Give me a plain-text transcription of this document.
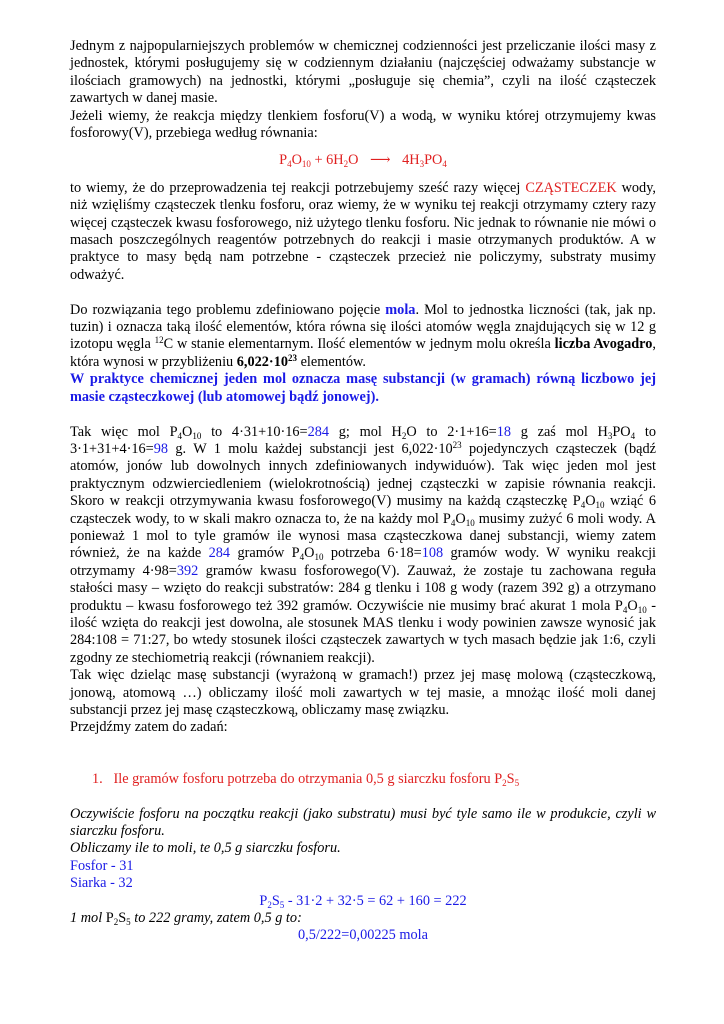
Jednym z najpopularniejszych problemów w chemicznej codzienności jest przeliczanie ilości masy z jednostek, którymi posługujemy się w codziennym działaniu (najczęściej odważamy substancje w ilościach gramowych) na jednostki, którymi „posługuje się chemia”, czyli na ilość cząsteczek zawartych w danej masie.

Jeżeli wiemy, że reakcja między tlenkiem fosforu(V) a wodą, w wyniku której otrzymujemy kwas fosforowy(V), przebiega według równania:

$P_4O_{10} + 6H_2O$ ⟶ $4H_3PO_4$

to wiemy, że do przeprowadzenia tej reakcji potrzebujemy sześć razy więcej CZĄSTECZEK wody, niż wzięliśmy cząsteczek tlenku fosforu, oraz wiemy, że w wyniku tej reakcji otrzymamy cztery razy więcej cząsteczek kwasu fosforowego, niż użytego tlenku fosforu. Nic jednak to równanie nie mówi o masach poszczególnych reagentów potrzebnych do reakcji i masie otrzymanych produktów. A w praktyce to masy będą nam potrzebne - cząsteczek przecież nie policzymy, substraty musimy odważyć.

Do rozwiązania tego problemu zdefiniowano pojęcie mola. Mol to jednostka liczności (tak, jak np. tuzin) i oznacza taką ilość elementów, która równa się ilości atomów węgla znajdujących się w 12 g izotopu węgla $^{12}$C w stanie elementarnym. Ilość elementów w jednym molu określa liczba Avogadro, która wynosi w przybliżeniu $6,022\cdot 10^{23}$ elementów.

W praktyce chemicznej jeden mol oznacza masę substancji (w gramach) równą liczbowo jej masie cząsteczkowej (lub atomowej bądź jonowej).

Tak więc mol $P_4O_{10}$ to 4·31+10·16=284 g; mol $H_2O$ to 2·1+16=18 g zaś mol $H_3PO_4$ to 3·1+31+4·16=98 g. W 1 molu każdej substancji jest $6,022\cdot 10^{23}$ pojedynczych cząsteczek (bądź atomów, jonów lub dowolnych innych zdefiniowanych indywiduów). Tak więc jeden mol jest praktycznym odzwierciedleniem (wielokrotnością) jednej cząsteczki w zapisie równania reakcji. Skoro w reakcji otrzymywania kwasu fosforowego(V) musimy na każdą cząsteczkę $P_4O_{10}$ wziąć 6 cząsteczek wody, to w skali makro oznacza to, że na każdy mol $P_4O_{10}$ musimy zużyć 6 moli wody. A ponieważ 1 mol to tyle gramów ile wynosi masa cząsteczkowa danej substancji, wiemy zatem również, że na każde 284 gramów $P_4O_{10}$ potrzeba 6·18=108 gramów wody. W wyniku reakcji otrzymamy 4·98=392 gramów kwasu fosforowego(V). Zauważ, że zostaje tu zachowana reguła stałości masy – wzięto do reakcji substratów: 284 g tlenku i 108 g wody (razem 392 g) a otrzymano produktu – kwasu fosforowego też 392 gramów. Oczywiście nie musimy brać akurat 1 mola $P_4O_{10}$ - ilość wzięta do reakcji jest dowolna, ale stosunek MAS tlenku i wody powinien zawsze wynosić jak 284:108 = 71:27, bo wtedy stosunek ilości cząsteczek zawartych w tych masach będzie jak 1:6, czyli zgodny ze stechiometrią reakcji (równaniem reakcji).

Tak więc dzieląc masę substancji (wyrażoną w gramach!) przez jej masę molową (cząsteczkową, jonową, atomową …) obliczamy ilość moli zawartych w tej masie, a mnożąc ilość moli danej substancji przez jej masę cząsteczkową, obliczamy masę związku.

Przejdźmy zatem do zadań:

1. Ile gramów fosforu potrzeba do otrzymania 0,5 g siarczku fosforu $P_2S_5$

Oczywiście fosforu na początku reakcji (jako substratu) musi być tyle samo ile w produkcie, czyli w siarczku fosforu.

Obliczamy ile to moli, te 0,5 g siarczku fosforu.

Fosfor - 31

Siarka - 32

$P_2S_5 - 31\cdot 2 + 32\cdot 5 = 62 + 160 = 222$

1 mol $P_2S_5$ to 222 gramy, zatem 0,5 g to:

0,5/222=0,00225 mola
